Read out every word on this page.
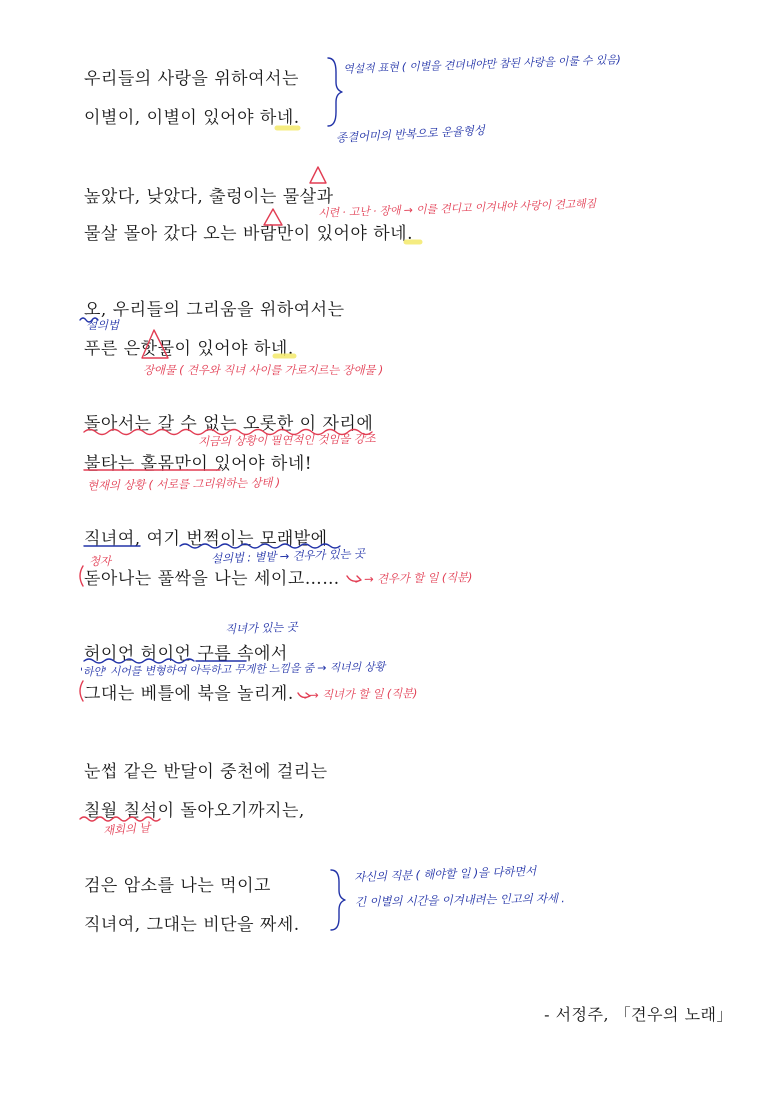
우리들의 사랑을 위하여서는
이별이, 이별이 있어야 하네.
높았다, 낮았다, 출렁이는 물살과
물살 몰아 갔다 오는 바람만이 있어야 하네.
오, 우리들의 그리움을 위하여서는
푸른 은핫물이 있어야 하네.
돌아서는 갈 수 없는 오롯한 이 자리에
불타는 홀몸만이 있어야 하네!
직녀여, 여기 번쩍이는 모래밭에
돋아나는 풀싹을 나는 세이고……
허이언 허이언 구름 속에서
그대는 베틀에 북을 놀리게.
눈썹 같은 반달이 중천에 걸리는
칠월 칠석이 돌아오기까지는,
검은 암소를 나는 먹이고
직녀여, 그대는 비단을 짜세.
- 서정주, 「견우의 노래」
역설적 표현 ( 이별을 견뎌내야만 참된 사랑을 이룰 수 있음)
종결어미의 반복으로 운율형성
시련 · 고난 · 장애 → 이를 견디고 이겨내야 사랑이 견고해짐
설의법
장애물 ( 견우와 직녀 사이를 가로지르는 장애물 )
지금의 상황이 필연적인 것임을 강조
현재의 상황 ( 서로를 그리워하는 상태 )
청자	설의법 : 별밭 → 견우가 있는 곳
→ 견우가 할 일 (직분)
직녀가 있는 곳
'하얀' 시어를 변형하여 아득하고 무게한 느낌을 줌 → 직녀의 상황
→ 직녀가 할 일 (직분)
재회의 날
자신의 직분 ( 해야할 일 )을 다하면서
긴 이별의 시간을 이겨내려는 인고의 자세 .
